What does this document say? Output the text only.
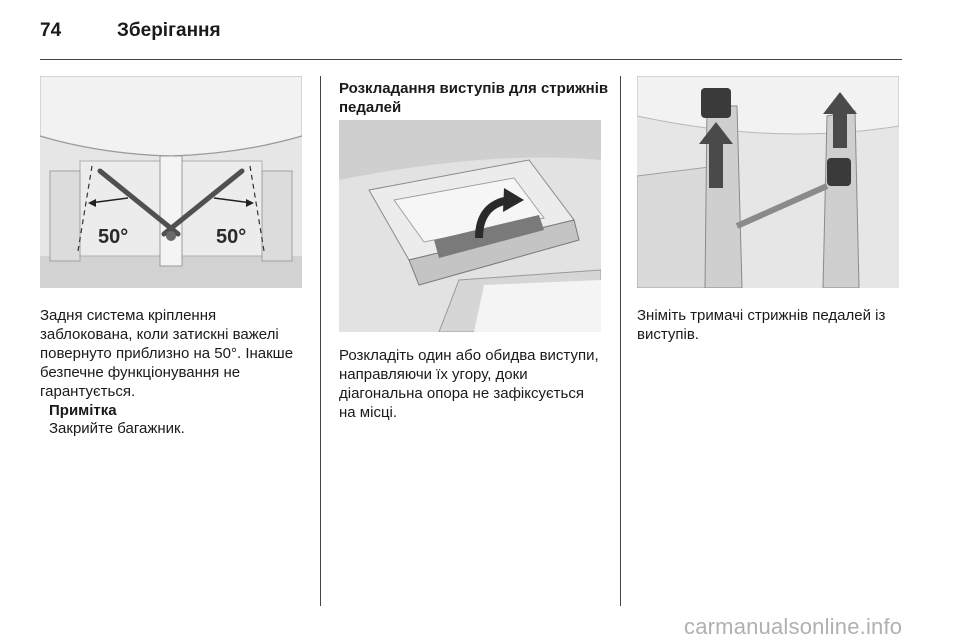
74	Зберігання
50°	50°

Задня система кріплення заблокована, коли затискні важелі повернуто приблизно на 50°. Інакше безпечне функціонування не гарантується.

Примітка
Закрийте багажник.

Розкладання виступів для стрижнів педалей

Розкладіть один або обидва виступи, направляючи їх угору, доки діагональна опора не зафіксується на місці.

Зніміть тримачі стрижнів педалей із виступів.

carmanualsonline.info
